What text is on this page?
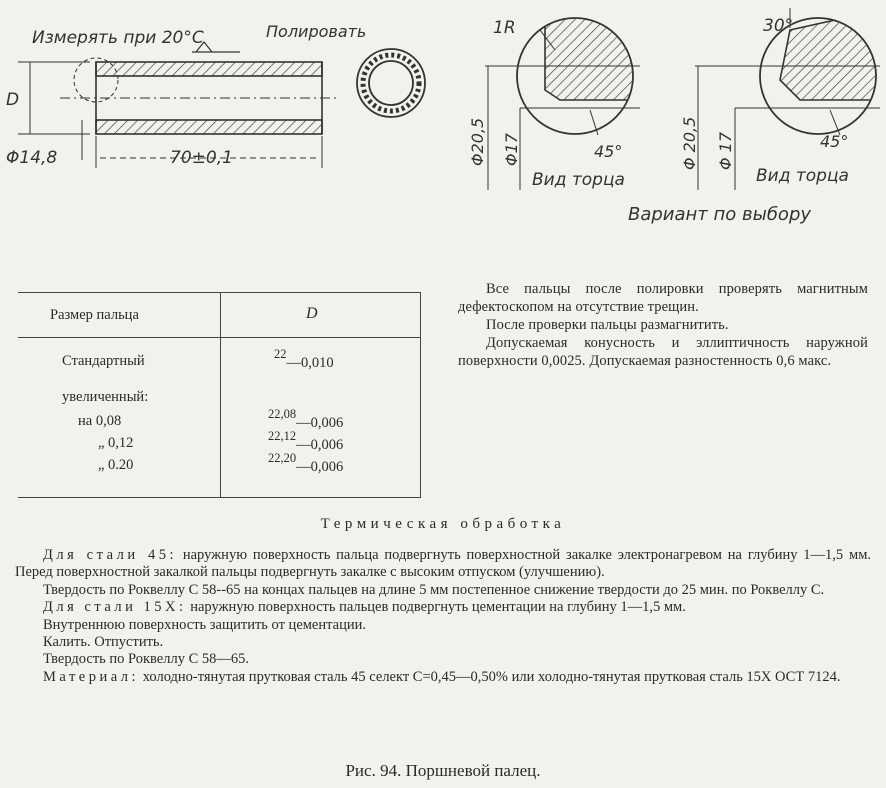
Измерять при 20°C	Полировать
D
Φ14,8	70±0,1
1R
Φ20,5 Φ17	45°
Вид торца
30°
Φ 20,5 Φ 17	45°
Вид торца
Вариант по выбору
Размер пальца	D
Стандартный	22—0,010
увеличенный:
на 0,08	22,08—0,006
„ 0,12	22,12—0,006
„ 0.20	22,20—0,006

Все пальцы после полировки проверять магнитным дефектоскопом на отсутствие трещин.

После проверки пальцы размагнитить.

Допускаемая конусность и эллиптичность наружной поверхности 0,0025. Допускаемая разностенность 0,6 макс.

Термическая обработка

Для стали 45: наружную поверхность пальца подвергнуть поверхностной закалке электронагревом на глубину 1—1,5 мм. Перед поверхностной закалкой пальцы подвергнуть закалке с высоким отпуском (улучшению).

Твердость по Роквеллу С 58--65 на концах пальцев на длине 5 мм постепенное снижение твердости до 25 мин. по Роквеллу С.

Для стали 15Х: наружную поверхность пальцев подвергнуть цементации на глубину 1—1,5 мм.

Внутреннюю поверхность защитить от цементации.

Калить. Отпустить.

Твердость по Роквеллу С 58—65.

Материал: холодно-тянутая прутковая сталь 45 селект С=0,45—0,50% или холодно-тянутая прутковая сталь 15Х ОСТ 7124.

Рис. 94. Поршневой палец.
